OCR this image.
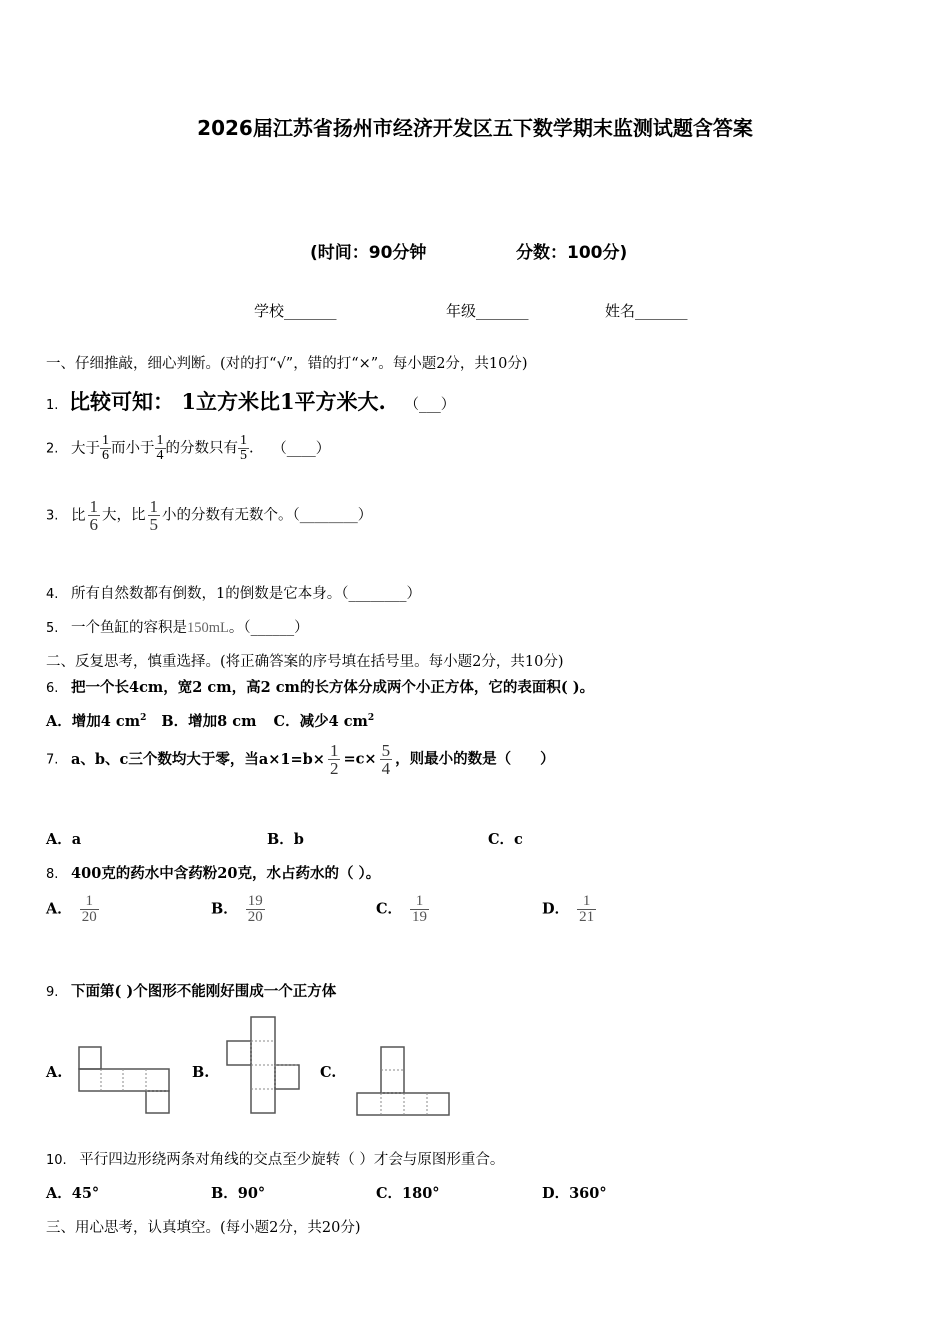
2026届江苏省扬州市经济开发区五下数学期末监测试题含答案
(时间：90分钟	分数：100分)
学校_______	年级_______	姓名_______
一、仔细推敲，细心判断。(对的打“√”，错的打“×”。每小题2分，共10分)
1. 比较可知： 1立方米比1平方米大. （___）
2. 大于 $\frac{1}{6}$ 而小于 $\frac{1}{4}$ 的分数只有 $\frac{1}{5}$ . （____）
3. 比 $\frac{1}{6}$ 大，比 $\frac{1}{5}$ 小的分数有无数个。（________）
4. 所有自然数都有倒数，1的倒数是它本身。（________）
5. 一个鱼缸的容积是150mL。（______）
二、反复思考，慎重选择。(将正确答案的序号填在括号里。每小题2分，共10分)
6. 把一个长4cm，宽2 cm，高2 cm的长方体分成两个小正方体，它的表面积( )。
A．增加4 $cm^2$ B．增加8 cm C．减少4 $cm^2$
7. a、b、c三个数均大于零，当$a\times 1=b\times \frac{1}{2} =c\times \frac{5}{4}$ ，则最小的数是（　　）
A．a	B．b	C．c
8. 400克的药水中含药粉20克，水占药水的（ ）。
A． $\frac{1}{20}$	B． $\frac{19}{20}$	C． $\frac{1}{19}$	D． $\frac{1}{21}$
9. 下面第( )个图形不能刚好围成一个正方体
A.	B.	C.
10. 平行四边形绕两条对角线的交点至少旋转（ ）才会与原图形重合。
A．45°	B．90°	C．180°	D．360°
三、用心思考，认真填空。(每小题2分，共20分)
